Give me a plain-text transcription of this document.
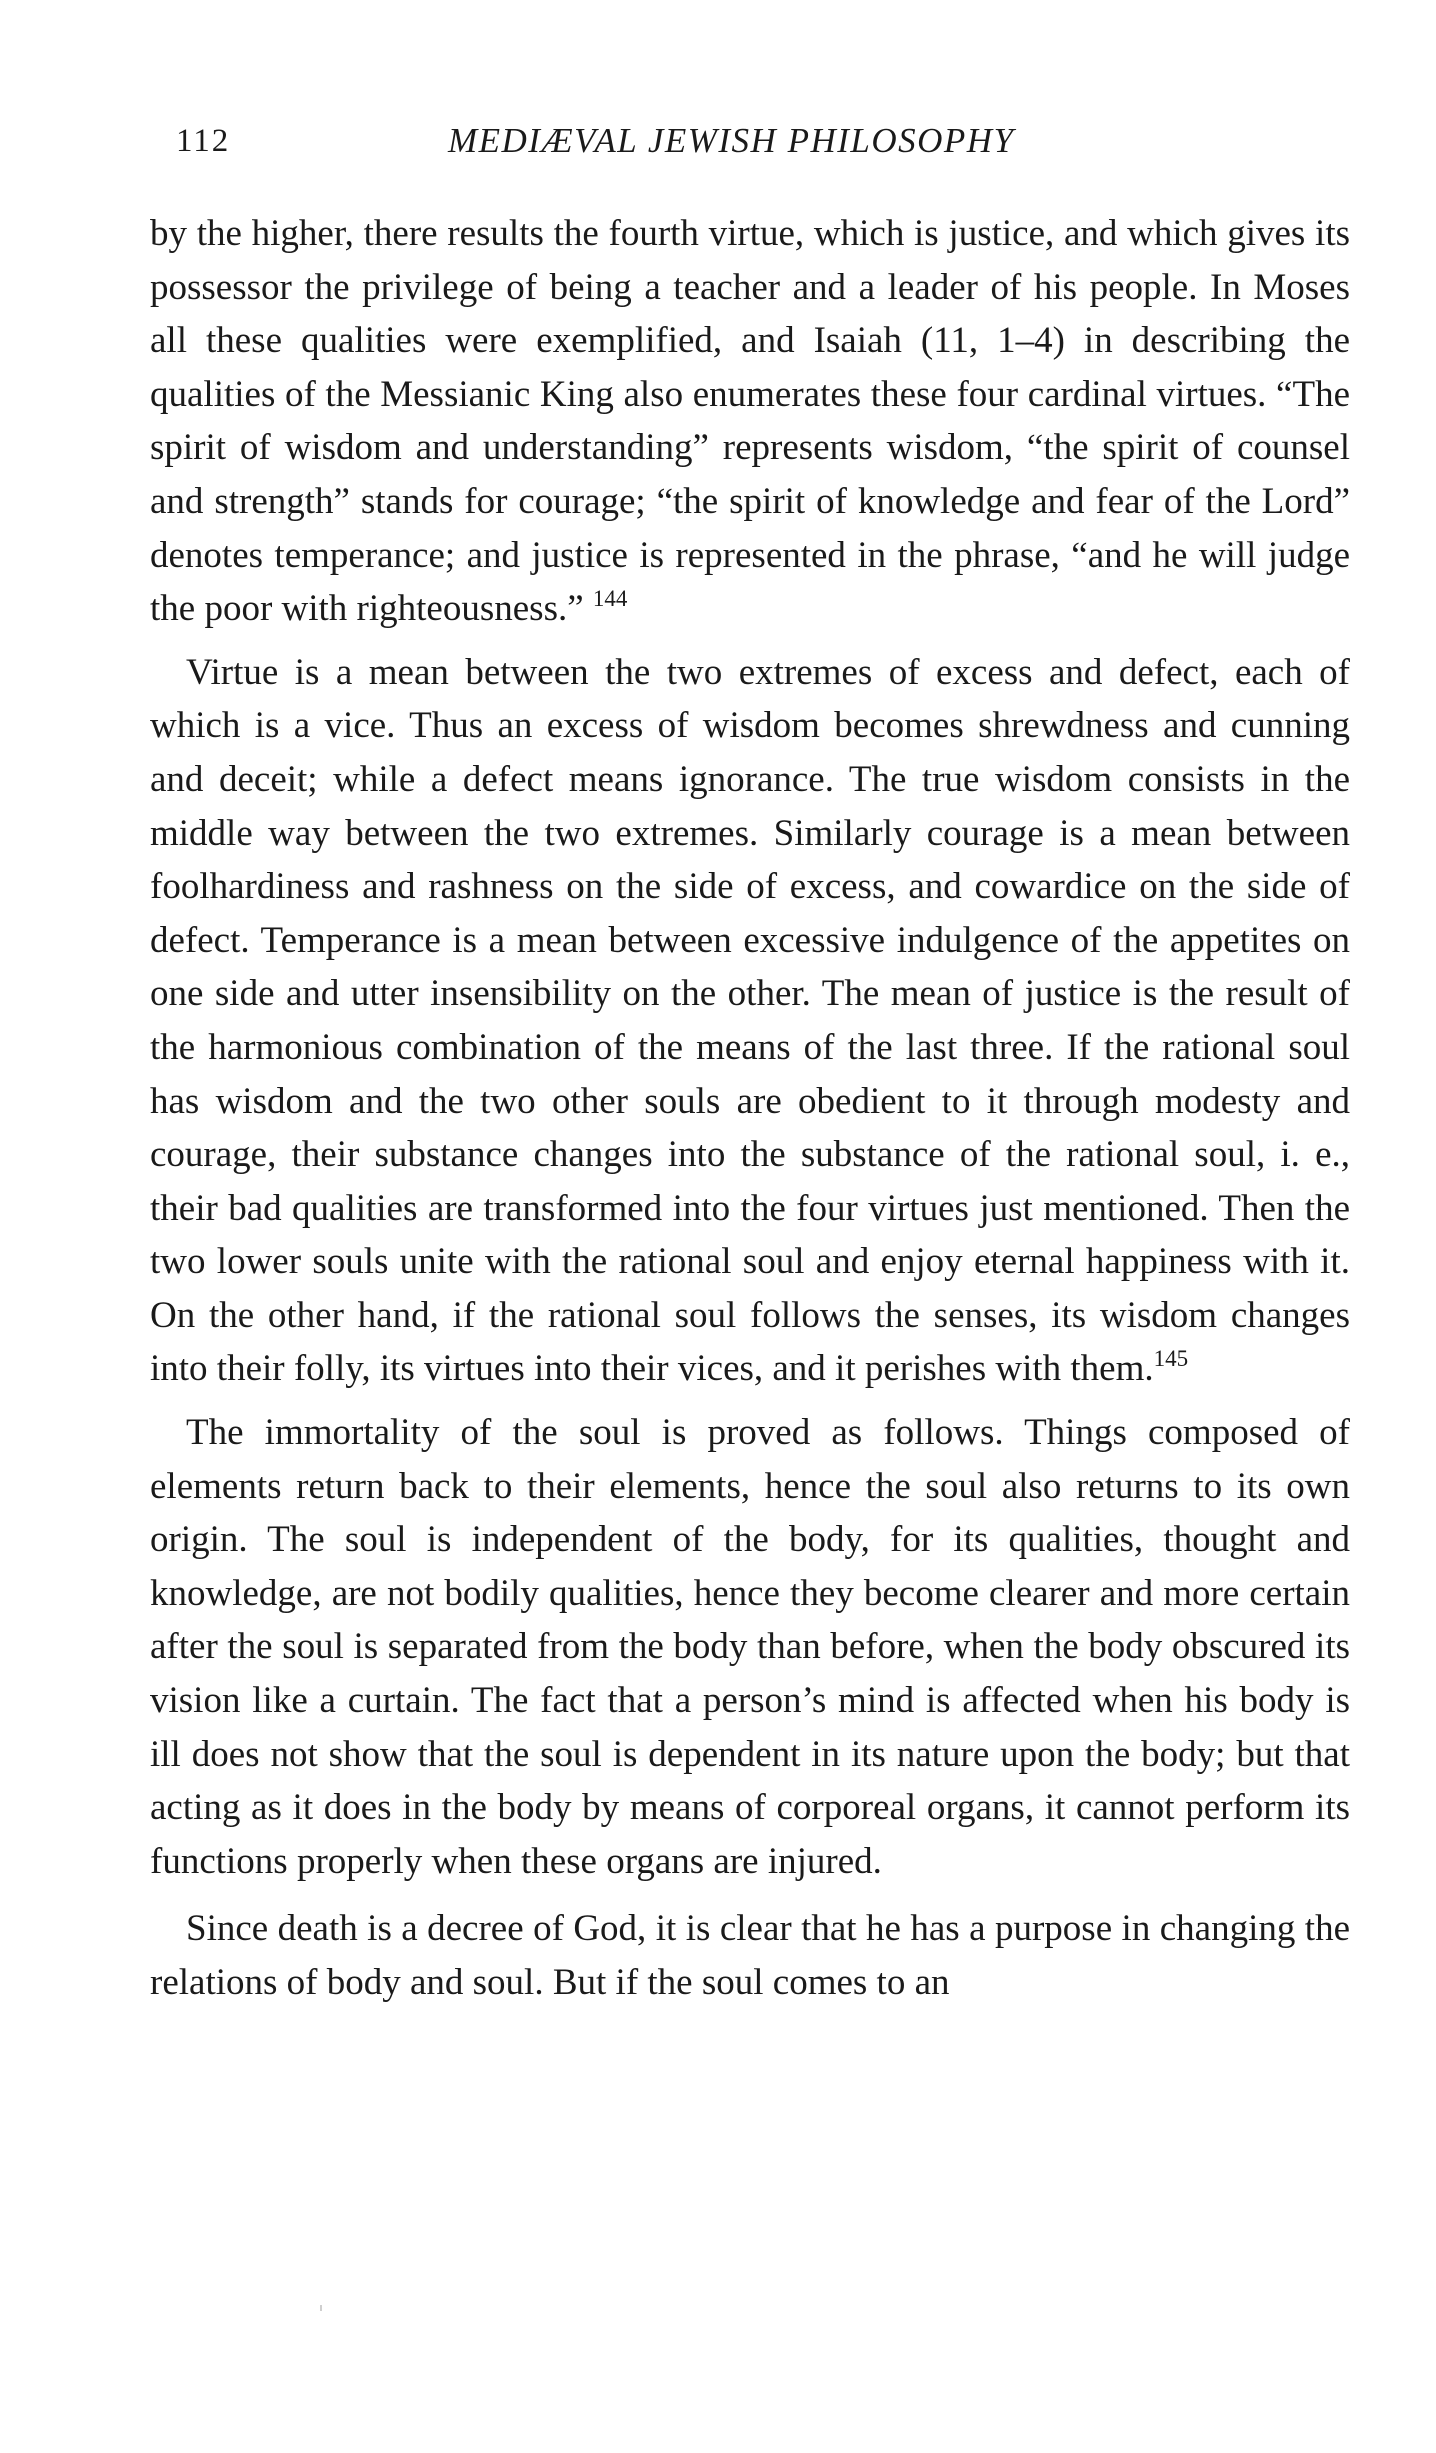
112	MEDIÆVAL JEWISH PHILOSOPHY

by the higher, there results the fourth virtue, which is justice, and which gives its possessor the privilege of being a teacher and a leader of his people. In Moses all these qualities were exemplified, and Isaiah (11, 1–4) in describing the qualities of the Messianic King also enumerates these four cardinal virtues. “The spirit of wisdom and understanding” represents wisdom, “the spirit of counsel and strength” stands for courage; “the spirit of knowledge and fear of the Lord” denotes temperance; and justice is represented in the phrase, “and he will judge the poor with righteousness.” $^{144}$

Virtue is a mean between the two extremes of excess and defect, each of which is a vice. Thus an excess of wisdom becomes shrewdness and cunning and deceit; while a defect means ignorance. The true wisdom consists in the middle way between the two extremes. Similarly courage is a mean between foolhardiness and rashness on the side of excess, and cowardice on the side of defect. Temperance is a mean between excessive indulgence of the appetites on one side and utter insensibility on the other. The mean of justice is the result of the harmonious combination of the means of the last three. If the rational soul has wisdom and the two other souls are obedient to it through modesty and courage, their substance changes into the substance of the rational soul, i. e., their bad qualities are transformed into the four virtues just mentioned. Then the two lower souls unite with the rational soul and enjoy eternal happiness with it. On the other hand, if the rational soul follows the senses, its wisdom changes into their folly, its virtues into their vices, and it perishes with them.$^{145}$

The immortality of the soul is proved as follows. Things composed of elements return back to their elements, hence the soul also returns to its own origin. The soul is independent of the body, for its qualities, thought and knowledge, are not bodily qualities, hence they become clearer and more certain after the soul is separated from the body than before, when the body obscured its vision like a curtain. The fact that a person’s mind is affected when his body is ill does not show that the soul is dependent in its nature upon the body; but that acting as it does in the body by means of corporeal organs, it cannot perform its functions properly when these organs are injured.

Since death is a decree of God, it is clear that he has a purpose in changing the relations of body and soul. But if the soul comes to an
